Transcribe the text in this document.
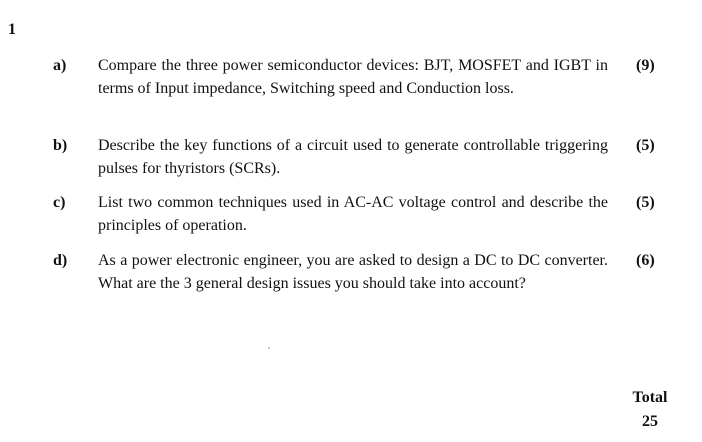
1
a) Compare the three power semiconductor devices: BJT, MOSFET and IGBT in terms of Input impedance, Switching speed and Conduction loss.
(9)
b) Describe the key functions of a circuit used to generate controllable triggering pulses for thyristors (SCRs).
(5)
c) List two common techniques used in AC-AC voltage control and describe the principles of operation.
(5)
d) As a power electronic engineer, you are asked to design a DC to DC converter. What are the 3 general design issues you should take into account?
(6)
Total
25
